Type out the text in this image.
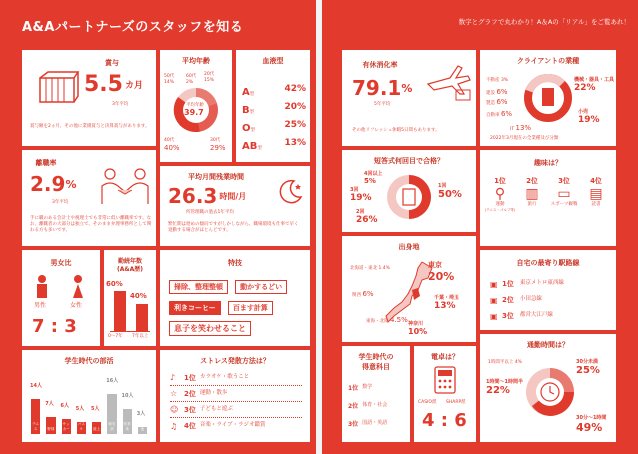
A&Aパートナーズのスタッフを知る	数字とグラフで丸わかり！A＆Aの「リアル」をご覧あれ！
賞与
5.5 カ月
3年平均
賞与額を2ヵ月、その他に業績賞与と決算賞与があります。
平均年齢
平均年齢
39.7
20代
15%
30代
29%
40代
40%
50代
14%
60代
2%
血液型
A型	42%
B型	20%
O型	25%
AB型	13%
離職率
2.9 %
3年平均
手に職のある会計士や税理士でも非常に低い離職率です。なお、離職者の大部分は独立で、そのまま弁理事務所として関わる方も多いです。
平均月間残業時間
26.3 時間/月
所管理職の過去1年平均
繁忙期は遅めの傾向ですがしかしながら、職場環境も仕事で早く退勤する場合がほとんどです。
男女比
男性	女性
7 : 3
勤続年数
(A&A歴)
60%
40%
0〜7年 7年以上
特技
掃除、整理整頓 動かするどい 利きコーヒー 百ます計算 息子を笑わせること
学生時代の部活
14人
テニス
7人
野球
6人
サッカー
5人
バスケ
5人
陸上
16人
帰宅部
10人
吹奏楽
3人
その他
ストレス発散方法は？
♪	1位 カラオケ・歌うこと
☆ 2位 運動・散歩
☺ 3位 子どもと遊ぶ
♫ 4位 音楽・ライブ・ラジオ鑑賞
有休消化率
79.1 %
5年平均
その他リフレッシュ休暇5日間もあります。
クライアントの業種
機械・器具・工具
22%
小売
19%
建設 6%
製造 6%
自動車 6%
不動産 3%
IT 13%
2022年3月現在の全業種及び分類
短答式何回目で合格？
1回
50%
2回
26%
3回
19%
4回以上
5%
趣味は？
1位
⚲
運動
(テニス・ゴルフ等)
2位
▥
旅行
3位
▭
スポーツ観戦
4位
▤
読書
出身地
東京
20%
千葉・埼玉
13%
神奈川
10%
東海・北陸 4.5%
関西 6%
北海道・東北 1.4%
自宅の最寄り駅路線
▣ 1位 東京メトロ東西線
▣ 2位 小田急線
▣ 3位 都営大江戸線
学生時代の
得意科目
1位 数学
2位 体育・社会
3位 国語・英語
電卓は？
CASIO派 SHARP派
4 : 6
通勤時間は？
30分未満
25%
30分〜1時間
49%
1時間〜1時間半
22%
1時間半以上 4%
